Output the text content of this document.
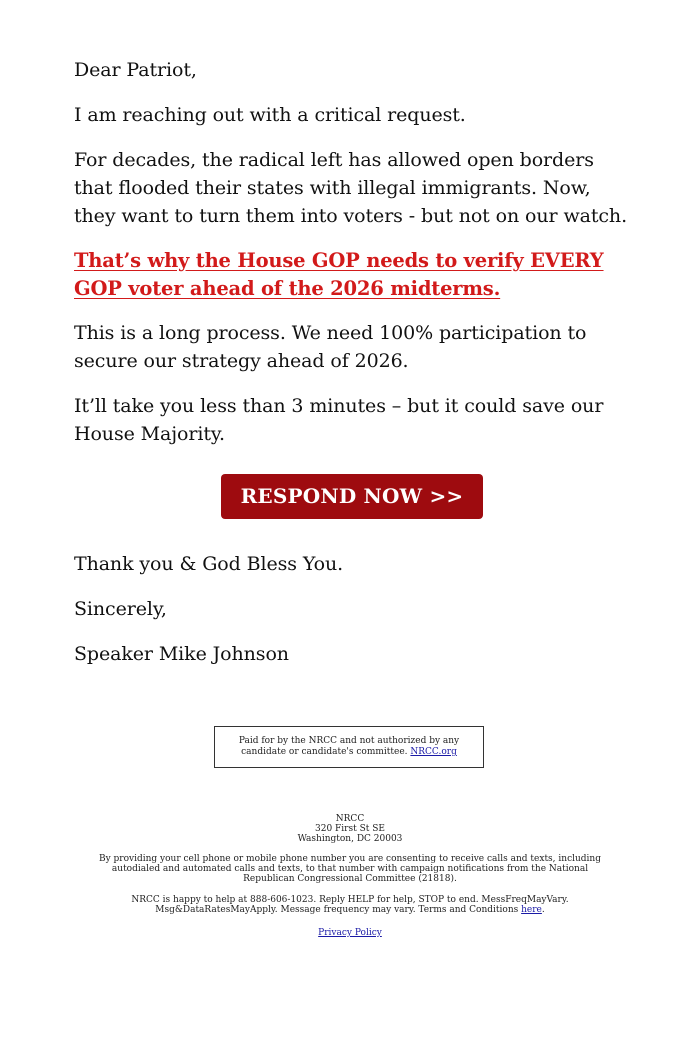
Dear Patriot,

I am reaching out with a critical request.

For decades, the radical left has allowed open borders that flooded their states with illegal immigrants. Now, they want to turn them into voters - but not on our watch.

That’s why the House GOP needs to verify EVERY GOP voter ahead of the 2026 midterms.

This is a long process. We need 100% participation to secure our strategy ahead of 2026.

It’ll take you less than 3 minutes – but it could save our House Majority.

RESPOND NOW >>

Thank you & God Bless You.

Sincerely,

Speaker Mike Johnson

Paid for by the NRCC and not authorized by any candidate or candidate's committee. NRCC.org
NRCC
320 First St SE
Washington, DC 20003
By providing your cell phone or mobile phone number you are consenting to receive calls and texts, including autodialed and automated calls and texts, to that number with campaign notifications from the National Republican Congressional Committee (21818).
NRCC is happy to help at 888-606-1023. Reply HELP for help, STOP to end. MessFreqMayVary. Msg&DataRatesMayApply. Message frequency may vary. Terms and Conditions here.
Privacy Policy
